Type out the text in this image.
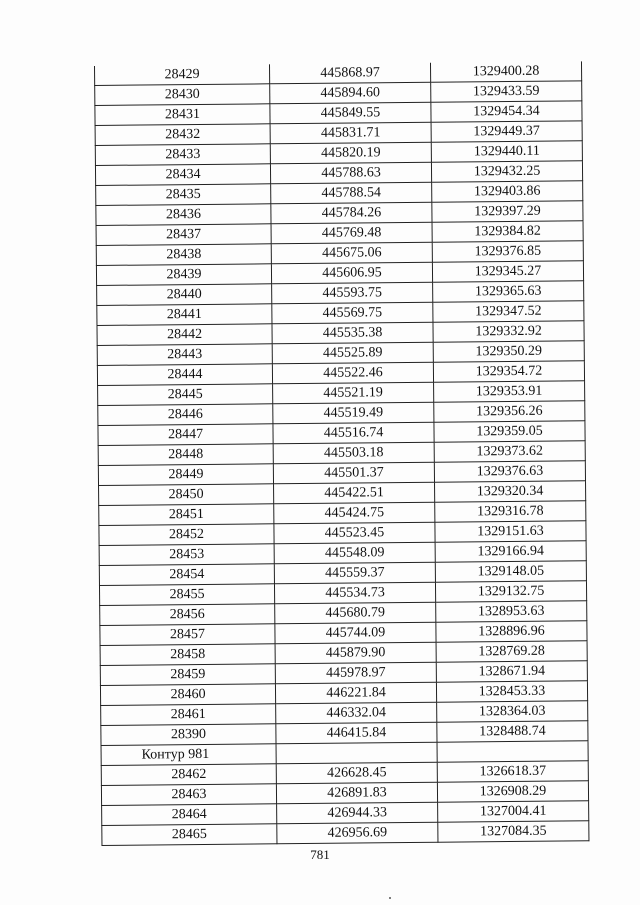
28429	445868.97	1329400.28
28430	445894.60	1329433.59
28431	445849.55	1329454.34
28432	445831.71	1329449.37
28433	445820.19	1329440.11
28434	445788.63	1329432.25
28435	445788.54	1329403.86
28436	445784.26	1329397.29
28437	445769.48	1329384.82
28438	445675.06	1329376.85
28439	445606.95	1329345.27
28440	445593.75	1329365.63
28441	445569.75	1329347.52
28442	445535.38	1329332.92
28443	445525.89	1329350.29
28444	445522.46	1329354.72
28445	445521.19	1329353.91
28446	445519.49	1329356.26
28447	445516.74	1329359.05
28448	445503.18	1329373.62
28449	445501.37	1329376.63
28450	445422.51	1329320.34
28451	445424.75	1329316.78
28452	445523.45	1329151.63
28453	445548.09	1329166.94
28454	445559.37	1329148.05
28455	445534.73	1329132.75
28456	445680.79	1328953.63
28457	445744.09	1328896.96
28458	445879.90	1328769.28
28459	445978.97	1328671.94
28460	446221.84	1328453.33
28461	446332.04	1328364.03
28390	446415.84	1328488.74
Контур 981		
28462	426628.45	1326618.37
28463	426891.83	1326908.29
28464	426944.33	1327004.41
28465	426956.69	1327084.35
781
